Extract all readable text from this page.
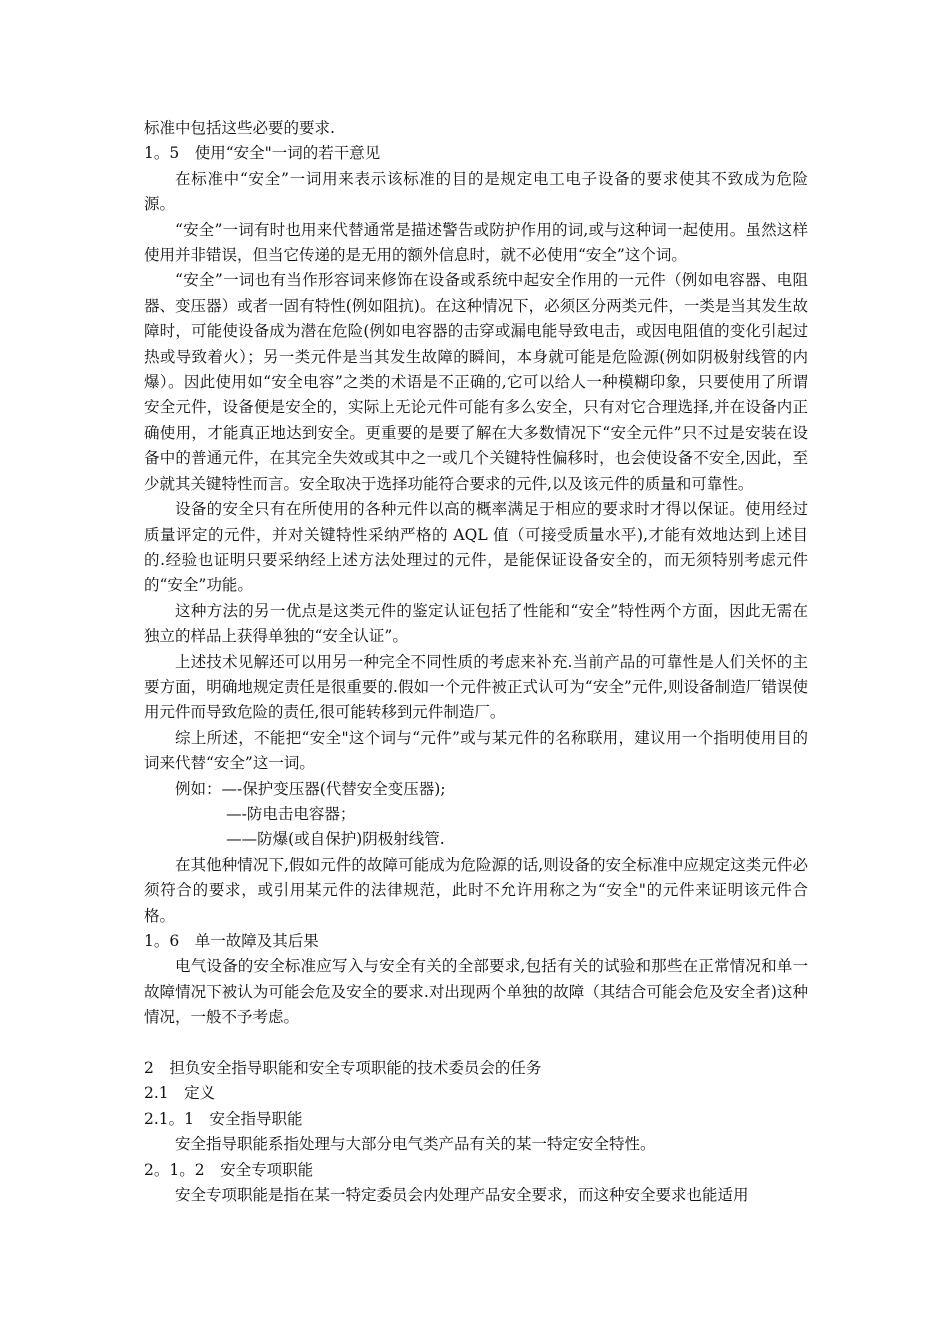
标准中包括这些必要的要求.

1。5　使用“安全"一词的若干意见

在标准中“安全”一词用来表示该标准的目的是规定电工电子设备的要求使其不致成为危险源。

“安全”一词有时也用来代替通常是描述警告或防护作用的词,或与这种词一起使用。虽然这样使用并非错误，但当它传递的是无用的额外信息时，就不必使用“安全”这个词。

“安全”一词也有当作形容词来修饰在设备或系统中起安全作用的一元件（例如电容器、电阻器、变压器）或者一固有特性(例如阻抗)。在这种情况下，必须区分两类元件，一类是当其发生故障时，可能使设备成为潜在危险(例如电容器的击穿或漏电能导致电击，或因电阻值的变化引起过热或导致着火）；另一类元件是当其发生故障的瞬间，本身就可能是危险源(例如阴极射线管的内爆）。因此使用如“安全电容”之类的术语是不正确的,它可以给人一种模糊印象，只要使用了所谓安全元件，设备便是安全的，实际上无论元件可能有多么安全，只有对它合理选择,并在设备内正确使用，才能真正地达到安全。更重要的是要了解在大多数情况下“安全元件”只不过是安装在设备中的普通元件，在其完全失效或其中之一或几个关键特性偏移时，也会使设备不安全,因此，至少就其关键特性而言。安全取决于选择功能符合要求的元件,以及该元件的质量和可靠性。

设备的安全只有在所使用的各种元件以高的概率满足于相应的要求时才得以保证。使用经过质量评定的元件，并对关键特性采纳严格的 AQL 值（可接受质量水平),才能有效地达到上述目的.经验也证明只要采纳经上述方法处理过的元件，是能保证设备安全的，而无须特别考虑元件的“安全”功能。

这种方法的另一优点是这类元件的鉴定认证包括了性能和“安全”特性两个方面，因此无需在独立的样品上获得单独的“安全认证”。

上述技术见解还可以用另一种完全不同性质的考虑来补充.当前产品的可靠性是人们关怀的主要方面，明确地规定责任是很重要的.假如一个元件被正式认可为“安全”元件,则设备制造厂错误使用元件而导致危险的责任,很可能转移到元件制造厂。

综上所述，不能把“安全"这个词与“元件”或与某元件的名称联用，建议用一个指明使用目的词来代替“安全”这一词。

例如：—-保护变压器(代替安全变压器);

—-防电击电容器；

——防爆(或自保护)阴极射线管.

在其他种情况下,假如元件的故障可能成为危险源的话,则设备的安全标准中应规定这类元件必须符合的要求，或引用某元件的法律规范，此时不允许用称之为“安全"的元件来证明该元件合格。

1。6　单一故障及其后果

电气设备的安全标准应写入与安全有关的全部要求,包括有关的试验和那些在正常情况和单一故障情况下被认为可能会危及安全的要求.对出现两个单独的故障（其结合可能会危及安全者)这种情况，一般不予考虑。

2　担负安全指导职能和安全专项职能的技术委员会的任务

2.1　定义

2.1。1　安全指导职能

安全指导职能系指处理与大部分电气类产品有关的某一特定安全特性。

2。1。2　安全专项职能

安全专项职能是指在某一特定委员会内处理产品安全要求，而这种安全要求也能适用
